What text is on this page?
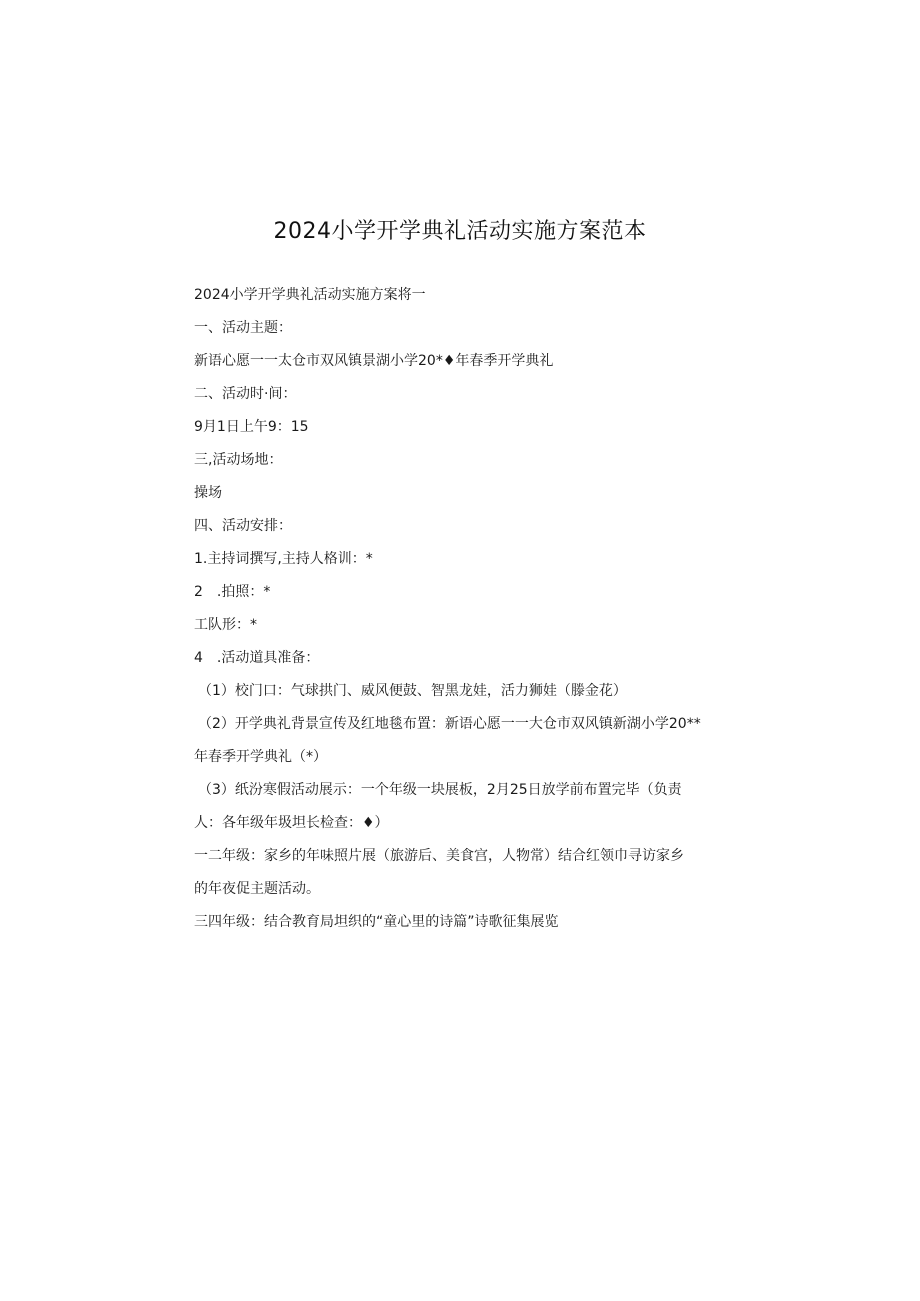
2024小学开学典礼活动实施方案范本
2024小学开学典礼活动实施方案将一
一、活动主题：
新语心愿一一太仓市双风镇景湖小学20*♦年春季开学典礼
二、活动时·间：
9月1日上午9：15
三,活动场地：
操场
四、活动安排：
1.主持词撰写,主持人格训：*
2　.拍照：*
工队形：*
4　.活动道具准备：
（1）校门口：气球拱门、威风便鼓、智黑龙娃，活力狮娃（滕金花）
（2）开学典礼背景宣传及红地毯布置：新语心愿一一大仓市双风镇新湖小学20**
年春季开学典礼（*）
（3）纸汾寒假活动展示：一个年级一块展板，2月25日放学前布置完毕（负责
人：各年级年圾坦长检查：♦）
一二年级：家乡的年味照片展（旅游后、美食宫，人物常）结合红领巾寻访家乡
的年夜促主题活动。
三四年级：结合教育局坦织的“童心里的诗篇”诗歌征集展览
